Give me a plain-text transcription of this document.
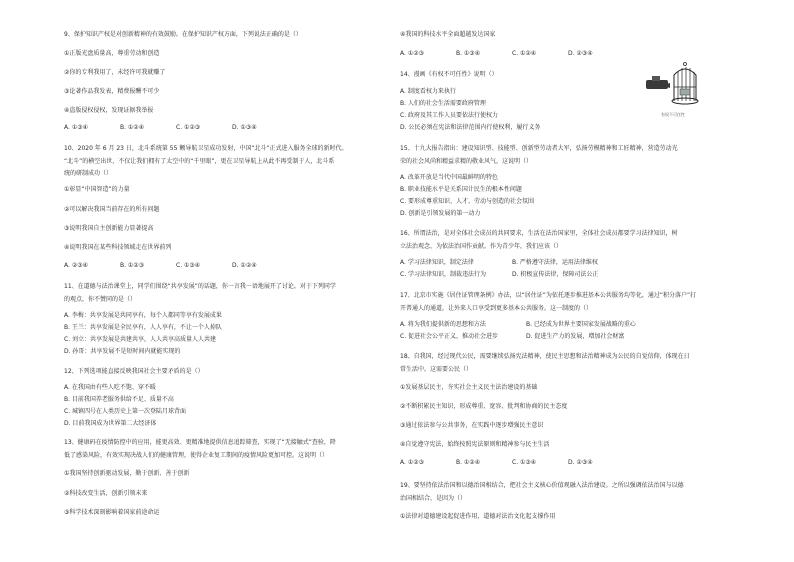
9、保护知识产权是对创新精神的有效鼓励。在保护知识产权方面，下列说法正确的是（）
①正版光盘质量高，尊重劳动和创造
②你的专利我用了，未经许可我就赚了
③论著作品我发表，精费报酬不可少
④盗版侵权侵权，发现证据我举报
A. ①③④	B. ①②④	C. ①②③	D. ①③④
10、2020 年 6 月 23 日，北斗系统第 55 颗导航卫星成功发射，中国“北斗”正式进入服务全球的新时代。
“北斗”的横空出世，不仅让我们拥有了太空中的“千里眼”，更在卫星导航上从此不再受制于人，北斗系
统的研制成功（）
①彰显“中国智造”的力量
②可以解决我国当前存在的所有问题
③说明我国自主创新能力显著提高
④说明我国在某些科技领域走在世界前列
A. ②③④	B. ①②③	C. ①③④	D. ①②④
11、在道德与法治课堂上，同学们围绕“共享发展”的话题，你一言我一语地展开了讨论。对于下列同学
的观点，你不赞同的是（）
A. 李梅：共享发展是共同享有，每个人都同等享有发展成果
B. 王兰：共享发展是全民享有，人人享有，不让一个人掉队
C. 刘立：共享发展是共建共享，人人共享高质量人人共建
D. 孙哥：共享发展不是短时间内就能实现的
12、下列选项能直接反映我国社会主要矛盾的是（）
A. 在我国由有些人吃不饱、穿不暖
B. 目前我国养老服务供给不足、质量不高
C. 城镇四号在人类历史上第一次登陆月球背面
D. 目前我国成为世界第二大经济体
13、健康码在疫情防控中的应用，能更高效、更精准地提供信息追踪筛查，实现了“无接触式”查验，降
低了感染风险，有效实现决战人们的健康管理，使得企业复工期间的疫情风险更加可控。这说明（）
①我国坚持创新驱动发展，勤于创新、善于创新
②科技改变生活，创新引领未来
③科学技术深刻影响着国家前途命运
④我国的科技水平全面超越发达国家
A. ①②③	B. ①③④	C. ①②④	D. ②③④
14、漫画《有权不可任性》说明（）
A. 制度看权力来执行
B. 人们的社会生活需要政府管理
C. 政府及其工作人员要依法行使权力
D. 公民必须在宪法和法律范围内行使权利，履行义务
有权不可任性
15、十九大报告指出：建设知识型、技能型、创新型劳动者大军，弘扬劳模精神和工匠精神，营造劳动光
荣的社会风尚和精益求精的敬业风气，这说明（）
A. 改革开放是当代中国最鲜明的特色
B. 职业技能水平是关系国计民生的根本性问题
C. 要形成尊重知识、人才、劳动与创造的社会氛围
D. 创新是引领发展的第一动力
16、所谓法治，是对全体社会成员的共同要求，生活在法治国家里，全体社会成员都要学习法律知识，树
立法治观念，为依法治国作贡献。作为青少年，我们应该（）
A. 学习法律知识，制定法律	B. 严格遵守法律，运用法律维权
C. 学习法律知识，制裁违法行为	D. 积极宣传法律，保障司法公正
17、北京市实施《居住证管理条例》办法，以“居住证”为依托逐步推进基本公共服务均等化，通过“积分落户”打
开普通人的通道，让外来人口享受到更多基本公共服务。这一制度的（）
A. 将为我们提供新的思想和方法	B. 已经成为世界主要国家发展战略的重心
C. 促进社会公平正义，推动社会进步	D. 促进生产力的发展，增加社会财富
18、自我国，经过现代公民，需要继续弘扬宪法精神，使民主思想和法治精神成为公民的自觉信仰，体现在日
常生活中。这需要公民（）
①发展基层民主，夯实社会主义民主法治建设的基础
②不断积累民主知识，形成尊重、宽容、批判和协商的民主态度
③通过依法参与公共事务，在实践中逐步增强民主意识
④自觉遵守宪法，始终按照宪法原则和精神参与民主生活
A. ①②③	B. ①②④	C. ①③④	D. ②③④
19、要坚持依法治国和以德治国相结合，把社会主义核心价值观融入法治建设。之所以强调依法治国与以德
治国相结合，是因为（）
①法律对道德建设起促进作用，道德对法治文化起支撑作用
